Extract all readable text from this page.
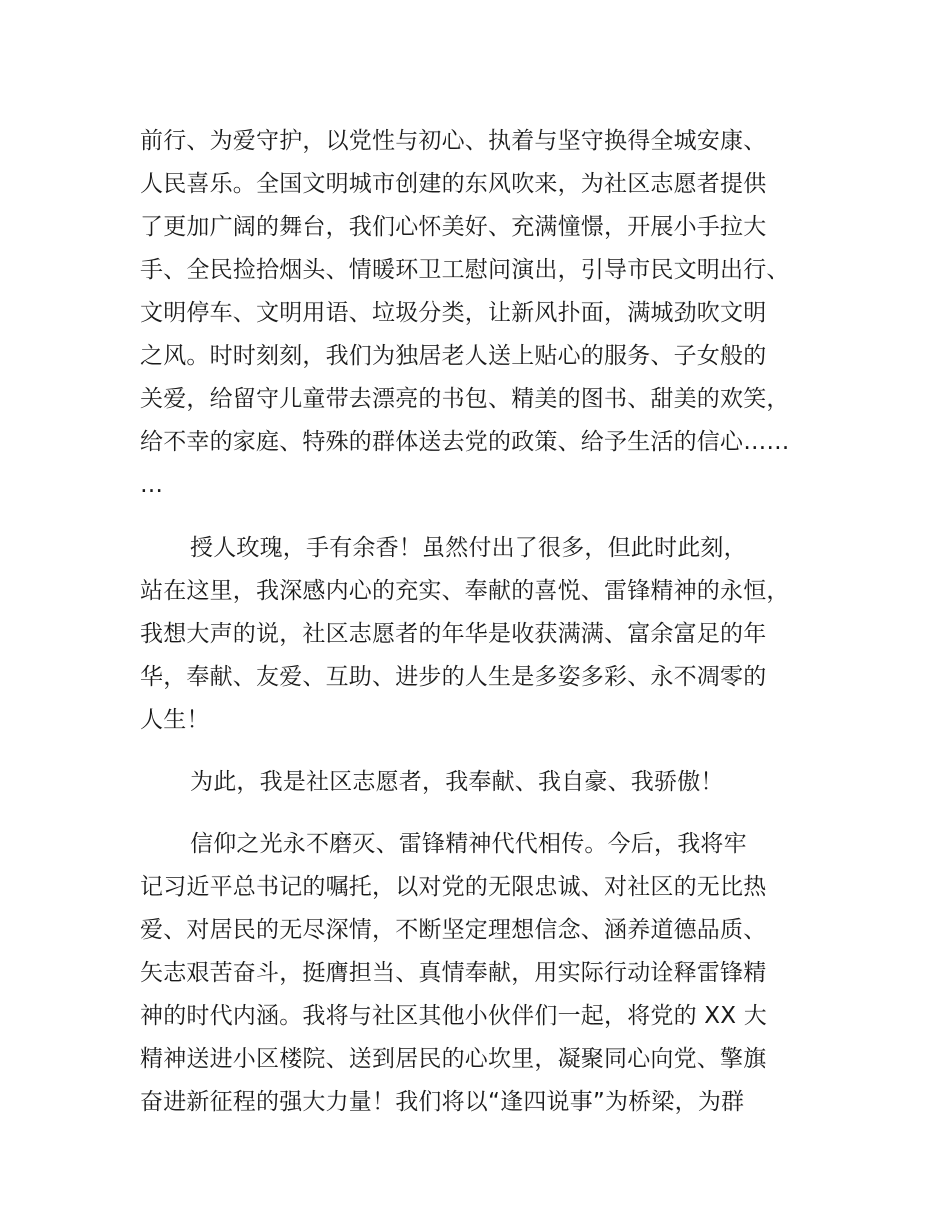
前行、为爱守护，以党性与初心、执着与坚守换得全城安康、
人民喜乐。全国文明城市创建的东风吹来，为社区志愿者提供
了更加广阔的舞台，我们心怀美好、充满憧憬，开展小手拉大
手、全民捡拾烟头、情暖环卫工慰问演出，引导市民文明出行、
文明停车、文明用语、垃圾分类，让新风扑面，满城劲吹文明
之风。时时刻刻，我们为独居老人送上贴心的服务、子女般的
关爱，给留守儿童带去漂亮的书包、精美的图书、甜美的欢笑，
给不幸的家庭、特殊的群体送去党的政策、给予生活的信心……
…
授人玫瑰，手有余香！虽然付出了很多，但此时此刻，
站在这里，我深感内心的充实、奉献的喜悦、雷锋精神的永恒，
我想大声的说，社区志愿者的年华是收获满满、富余富足的年
华，奉献、友爱、互助、进步的人生是多姿多彩、永不凋零的
人生！
为此，我是社区志愿者，我奉献、我自豪、我骄傲！
信仰之光永不磨灭、雷锋精神代代相传。今后，我将牢
记习近平总书记的嘱托，以对党的无限忠诚、对社区的无比热
爱、对居民的无尽深情，不断坚定理想信念、涵养道德品质、
矢志艰苦奋斗，挺膺担当、真情奉献，用实际行动诠释雷锋精
神的时代内涵。我将与社区其他小伙伴们一起，将党的 XX 大
精神送进小区楼院、送到居民的心坎里，凝聚同心向党、擎旗
奋进新征程的强大力量！我们将以“逢四说事”为桥梁，为群
